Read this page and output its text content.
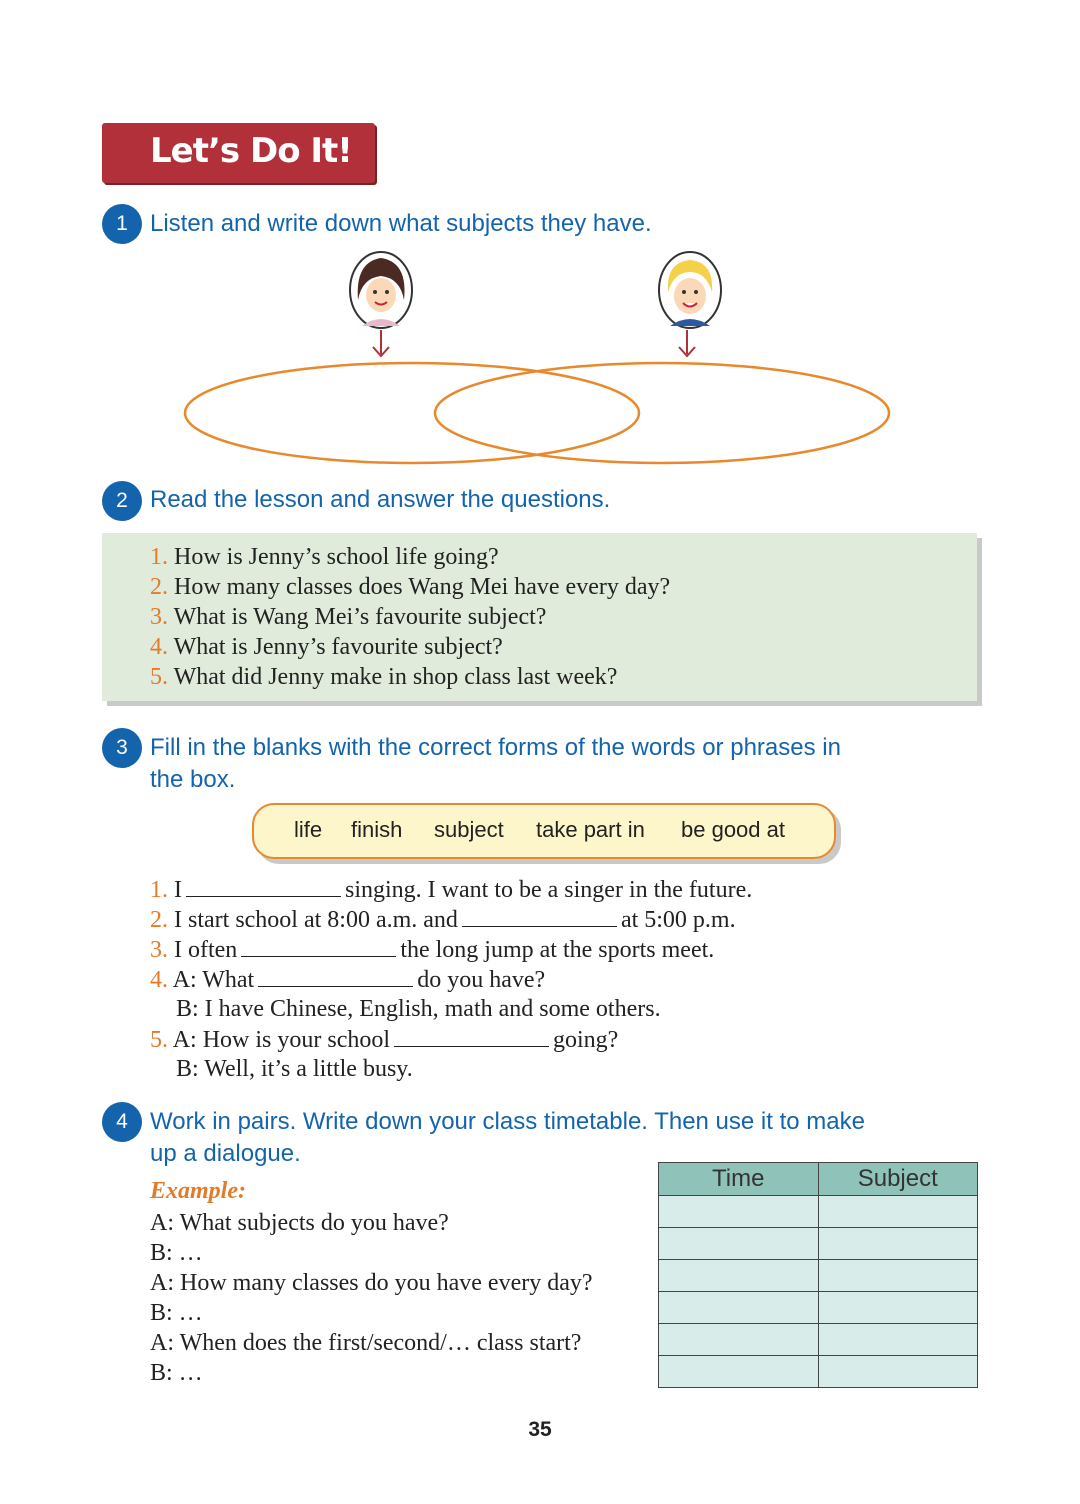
Let’s Do It!
1 Listen and write down what subjects they have.
2 Read the lesson and answer the questions.
1. How is Jenny’s school life going?
2. How many classes does Wang Mei have every day?
3. What is Wang Mei’s favourite subject?
4. What is Jenny’s favourite subject?
5. What did Jenny make in shop class last week?
3 Fill in the blanks with the correct forms of the words or phrases in
the box.
life finish subject take part in be good at
1. I	singing. I want to be a singer in the future.
2. I start school at 8:00 a.m. and	at 5:00 p.m.
3. I often	the long jump at the sports meet.
4. A: What	do you have?
B: I have Chinese, English, math and some others.
5. A: How is your school	going?
B: Well, it’s a little busy.
4 Work in pairs. Write down your class timetable. Then use it to make
up a dialogue.
Example:
A: What subjects do you have?
B: …
A: How many classes do you have every day?
B: …
A: When does the first/second/… class start?
B: …
Time	Subject

35
